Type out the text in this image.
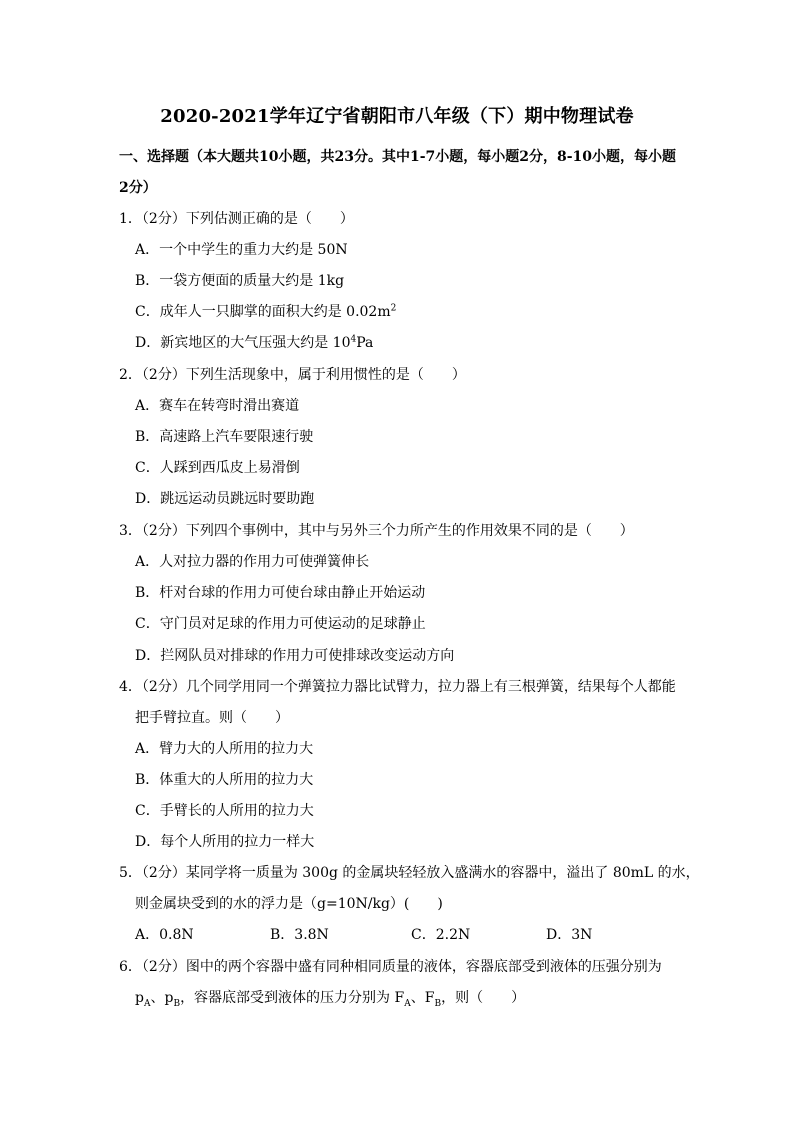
2020-2021学年辽宁省朝阳市八年级（下）期中物理试卷
一、选择题（本大题共10小题，共23分。其中1-7小题，每小题2分，8-10小题，每小题
2分）
1．（2分）下列估测正确的是（　　）
A．一个中学生的重力大约是 50N
B．一袋方便面的质量大约是 1kg
C．成年人一只脚掌的面积大约是 $0.02m^2$
D．新宾地区的大气压强大约是 $10^4Pa$
2．（2分）下列生活现象中，属于利用惯性的是（　　）
A．赛车在转弯时滑出赛道
B．高速路上汽车要限速行驶
C．人踩到西瓜皮上易滑倒
D．跳远运动员跳远时要助跑
3．（2分）下列四个事例中，其中与另外三个力所产生的作用效果不同的是（　　）
A．人对拉力器的作用力可使弹簧伸长
B．杆对台球的作用力可使台球由静止开始运动
C．守门员对足球的作用力可使运动的足球静止
D．拦网队员对排球的作用力可使排球改变运动方向
4．（2分）几个同学用同一个弹簧拉力器比试臂力，拉力器上有三根弹簧，结果每个人都能
把手臂拉直。则（　　）
A．臂力大的人所用的拉力大
B．体重大的人所用的拉力大
C．手臂长的人所用的拉力大
D．每个人所用的拉力一样大
5．（2分）某同学将一质量为 300g 的金属块轻轻放入盛满水的容器中，溢出了 80mL 的水，
则金属块受到的水的浮力是（g=10N/kg）(　　)
A．0.8N	B．3.8N	C．2.2N	D．3N
6．（2分）图中的两个容器中盛有同种相同质量的液体，容器底部受到液体的压强分别为
$p_A$、$p_B$，容器底部受到液体的压力分别为 $F_A$、$F_B$，则（　　）
